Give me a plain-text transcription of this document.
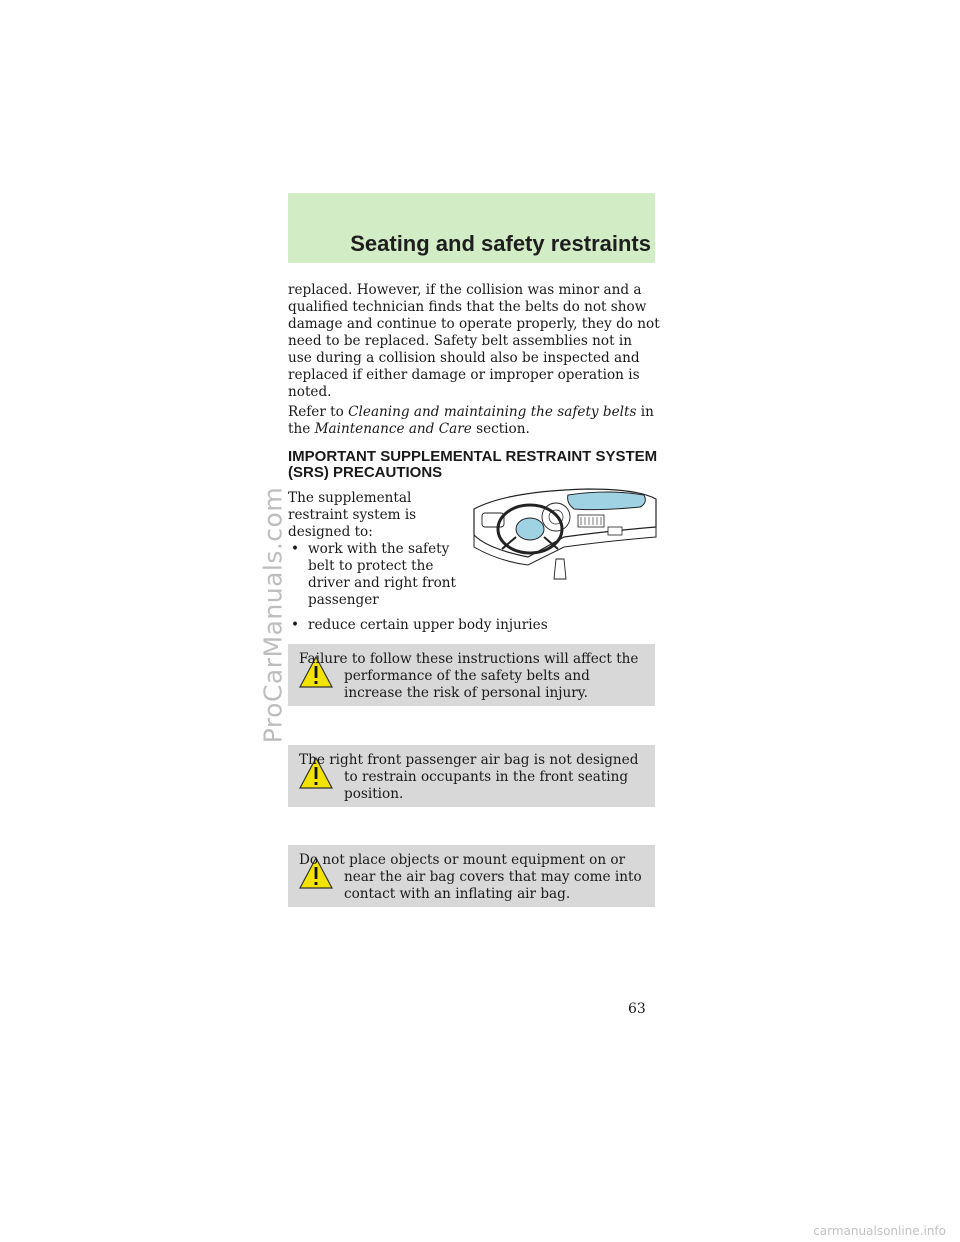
Seating and safety restraints

replaced. However, if the collision was minor and a qualified technician finds that the belts do not show damage and continue to operate properly, they do not need to be replaced. Safety belt assemblies not in use during a collision should also be inspected and replaced if either damage or improper operation is noted.

Refer to Cleaning and maintaining the safety belts in the Maintenance and Care section.

IMPORTANT SUPPLEMENTAL RESTRAINT SYSTEM (SRS) PRECAUTIONS

The supplemental restraint system is designed to:

• work with the safety belt to protect the driver and right front passenger
• reduce certain upper body injuries
Failure to follow these instructions will affect the performance of the safety belts and increase the risk of personal injury.
The right front passenger air bag is not designed to restrain occupants in the front seating position.
Do not place objects or mount equipment on or near the air bag covers that may come into contact with an inflating air bag.
ProCarManuals.com

63

carmanualsonline.info
